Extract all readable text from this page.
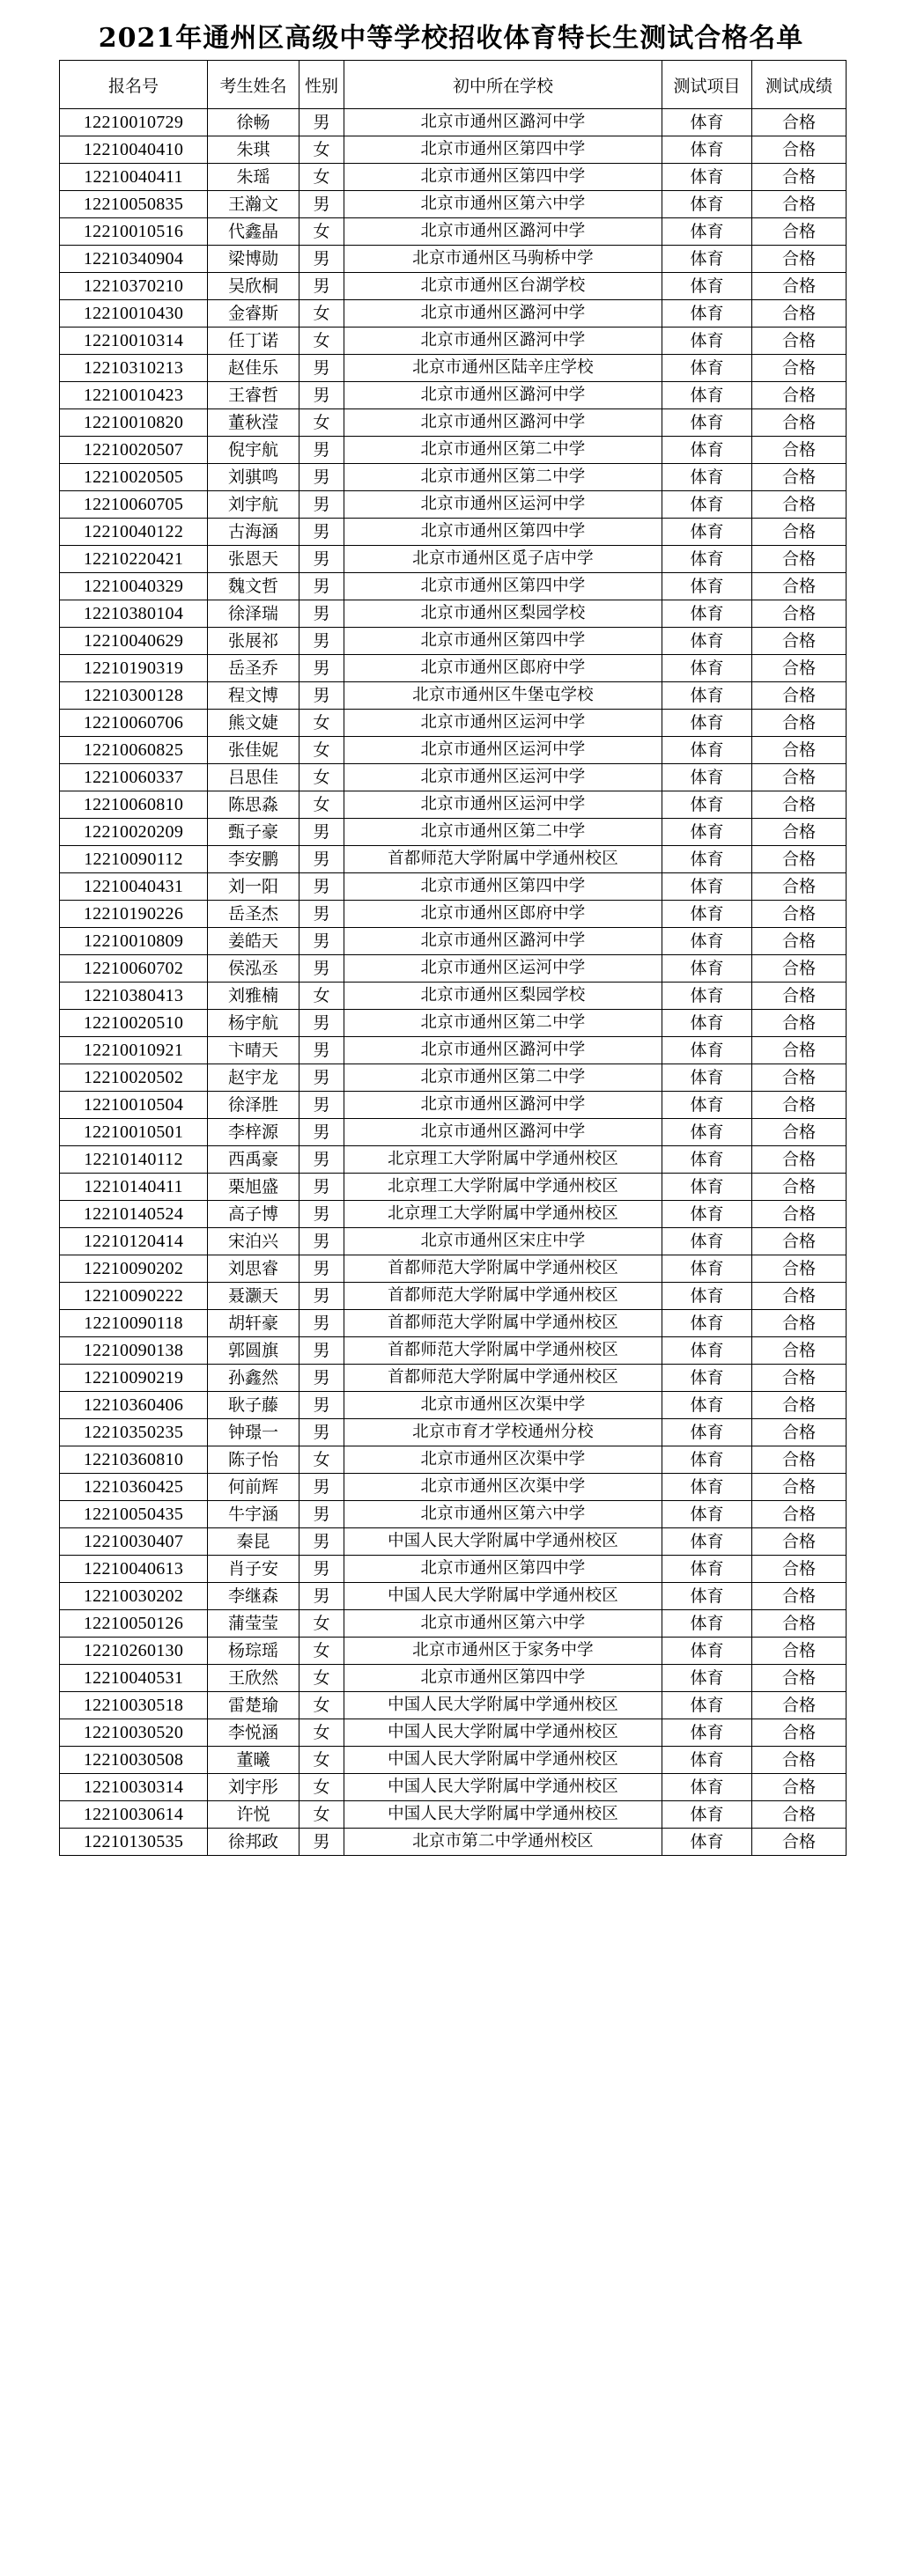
2021年通州区高级中等学校招收体育特长生测试合格名单
报名号	考生姓名	性别	初中所在学校	测试项目	测试成绩
12210010729	徐畅	男	北京市通州区潞河中学	体育	合格
12210040410	朱琪	女	北京市通州区第四中学	体育	合格
12210040411	朱瑶	女	北京市通州区第四中学	体育	合格
12210050835	王瀚文	男	北京市通州区第六中学	体育	合格
12210010516	代鑫晶	女	北京市通州区潞河中学	体育	合格
12210340904	梁博勋	男	北京市通州区马驹桥中学	体育	合格
12210370210	吴欣桐	男	北京市通州区台湖学校	体育	合格
12210010430	金睿斯	女	北京市通州区潞河中学	体育	合格
12210010314	任丁诺	女	北京市通州区潞河中学	体育	合格
12210310213	赵佳乐	男	北京市通州区陆辛庄学校	体育	合格
12210010423	王睿哲	男	北京市通州区潞河中学	体育	合格
12210010820	董秋滢	女	北京市通州区潞河中学	体育	合格
12210020507	倪宇航	男	北京市通州区第二中学	体育	合格
12210020505	刘骐鸣	男	北京市通州区第二中学	体育	合格
12210060705	刘宇航	男	北京市通州区运河中学	体育	合格
12210040122	古海涵	男	北京市通州区第四中学	体育	合格
12210220421	张恩天	男	北京市通州区觅子店中学	体育	合格
12210040329	魏文哲	男	北京市通州区第四中学	体育	合格
12210380104	徐泽瑞	男	北京市通州区梨园学校	体育	合格
12210040629	张展祁	男	北京市通州区第四中学	体育	合格
12210190319	岳圣乔	男	北京市通州区郎府中学	体育	合格
12210300128	程文博	男	北京市通州区牛堡屯学校	体育	合格
12210060706	熊文婕	女	北京市通州区运河中学	体育	合格
12210060825	张佳妮	女	北京市通州区运河中学	体育	合格
12210060337	吕思佳	女	北京市通州区运河中学	体育	合格
12210060810	陈思淼	女	北京市通州区运河中学	体育	合格
12210020209	甄子豪	男	北京市通州区第二中学	体育	合格
12210090112	李安鹏	男	首都师范大学附属中学通州校区	体育	合格
12210040431	刘一阳	男	北京市通州区第四中学	体育	合格
12210190226	岳圣杰	男	北京市通州区郎府中学	体育	合格
12210010809	姜皓天	男	北京市通州区潞河中学	体育	合格
12210060702	侯泓丞	男	北京市通州区运河中学	体育	合格
12210380413	刘雅楠	女	北京市通州区梨园学校	体育	合格
12210020510	杨宇航	男	北京市通州区第二中学	体育	合格
12210010921	卞晴天	男	北京市通州区潞河中学	体育	合格
12210020502	赵宇龙	男	北京市通州区第二中学	体育	合格
12210010504	徐泽胜	男	北京市通州区潞河中学	体育	合格
12210010501	李梓源	男	北京市通州区潞河中学	体育	合格
12210140112	西禹豪	男	北京理工大学附属中学通州校区	体育	合格
12210140411	栗旭盛	男	北京理工大学附属中学通州校区	体育	合格
12210140524	高子博	男	北京理工大学附属中学通州校区	体育	合格
12210120414	宋泊兴	男	北京市通州区宋庄中学	体育	合格
12210090202	刘思睿	男	首都师范大学附属中学通州校区	体育	合格
12210090222	聂灏天	男	首都师范大学附属中学通州校区	体育	合格
12210090118	胡轩豪	男	首都师范大学附属中学通州校区	体育	合格
12210090138	郭圆旗	男	首都师范大学附属中学通州校区	体育	合格
12210090219	孙鑫然	男	首都师范大学附属中学通州校区	体育	合格
12210360406	耿子藤	男	北京市通州区次渠中学	体育	合格
12210350235	钟璟一	男	北京市育才学校通州分校	体育	合格
12210360810	陈子怡	女	北京市通州区次渠中学	体育	合格
12210360425	何前辉	男	北京市通州区次渠中学	体育	合格
12210050435	牛宇涵	男	北京市通州区第六中学	体育	合格
12210030407	秦昆	男	中国人民大学附属中学通州校区	体育	合格
12210040613	肖子安	男	北京市通州区第四中学	体育	合格
12210030202	李继森	男	中国人民大学附属中学通州校区	体育	合格
12210050126	蒲莹莹	女	北京市通州区第六中学	体育	合格
12210260130	杨琮瑶	女	北京市通州区于家务中学	体育	合格
12210040531	王欣然	女	北京市通州区第四中学	体育	合格
12210030518	雷楚瑜	女	中国人民大学附属中学通州校区	体育	合格
12210030520	李悦涵	女	中国人民大学附属中学通州校区	体育	合格
12210030508	董曦	女	中国人民大学附属中学通州校区	体育	合格
12210030314	刘宇彤	女	中国人民大学附属中学通州校区	体育	合格
12210030614	许悦	女	中国人民大学附属中学通州校区	体育	合格
12210130535	徐邦政	男	北京市第二中学通州校区	体育	合格
